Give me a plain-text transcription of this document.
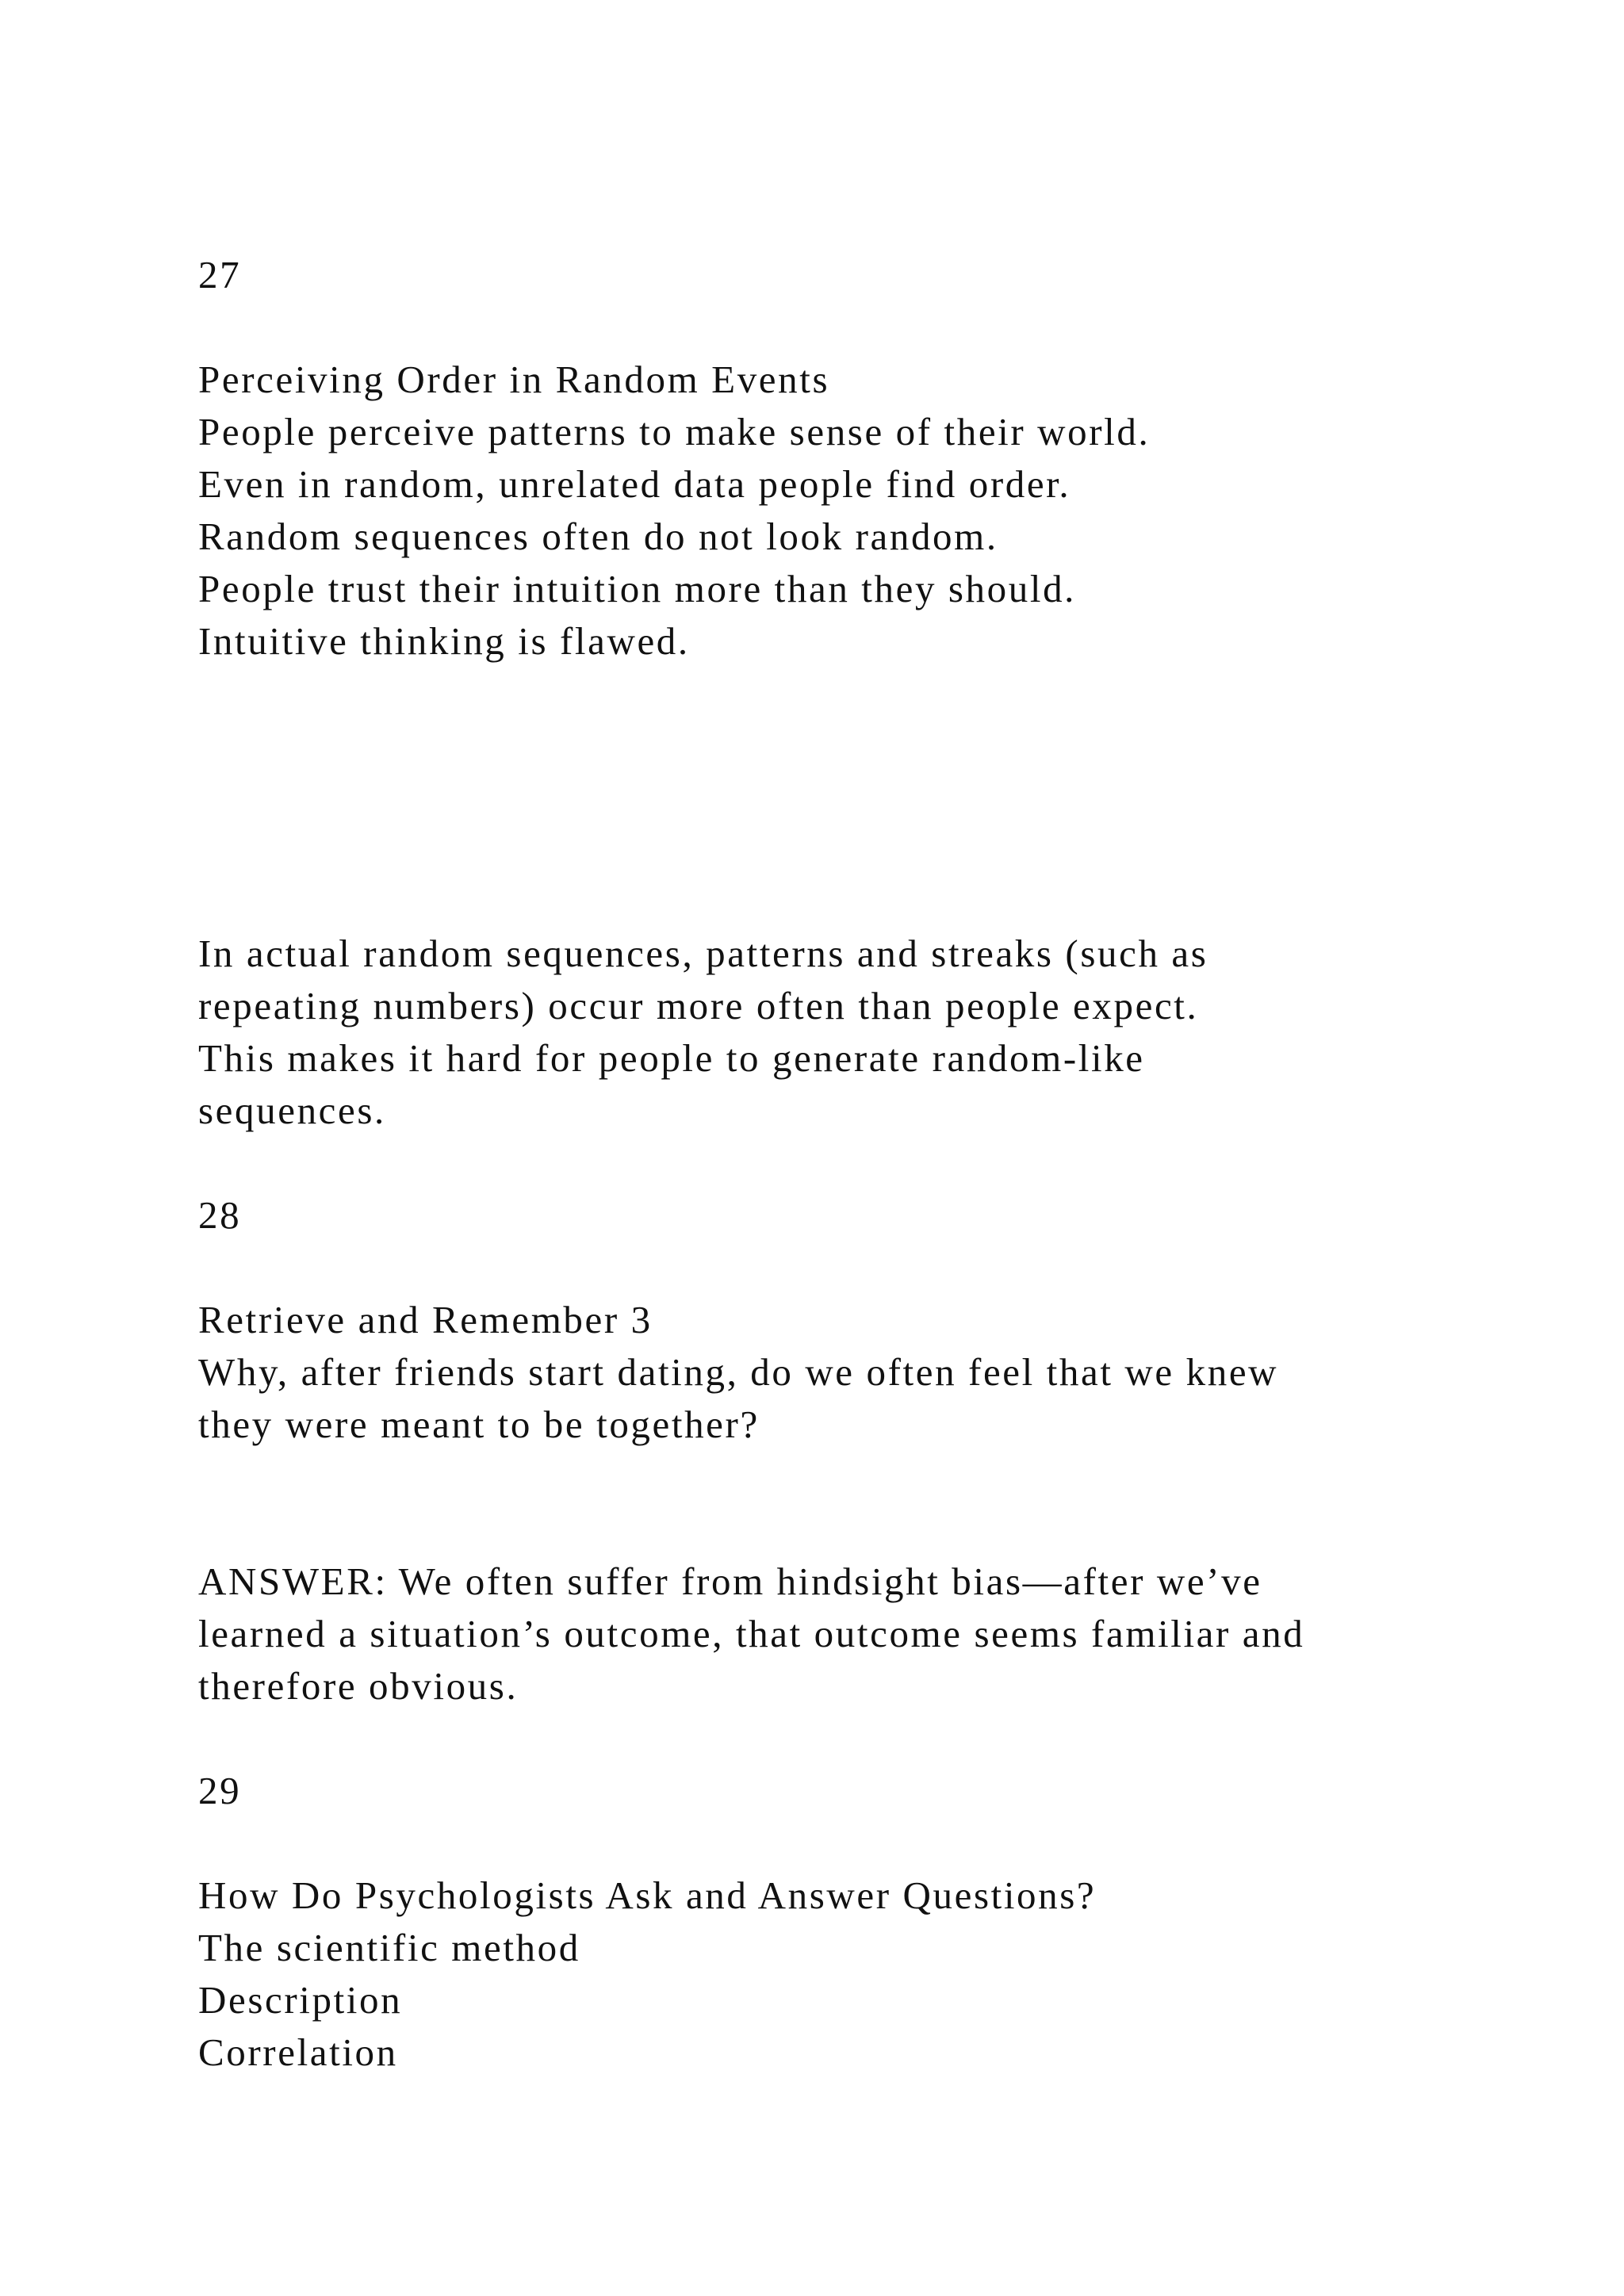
27
Perceiving Order in Random Events
People perceive patterns to make sense of their world.
Even in random, unrelated data people find order.
Random sequences often do not look random.
People trust their intuition more than they should.
Intuitive thinking is flawed.
In actual random sequences, patterns and streaks (such as
repeating numbers) occur more often than people expect.
This makes it hard for people to generate random-like
sequences.
28
Retrieve and Remember 3
Why, after friends start dating, do we often feel that we knew
they were meant to be together?
ANSWER: We often suffer from hindsight bias—after we’ve
learned a situation’s outcome, that outcome seems familiar and
therefore obvious.
29
How Do Psychologists Ask and Answer Questions?
The scientific method
Description
Correlation
